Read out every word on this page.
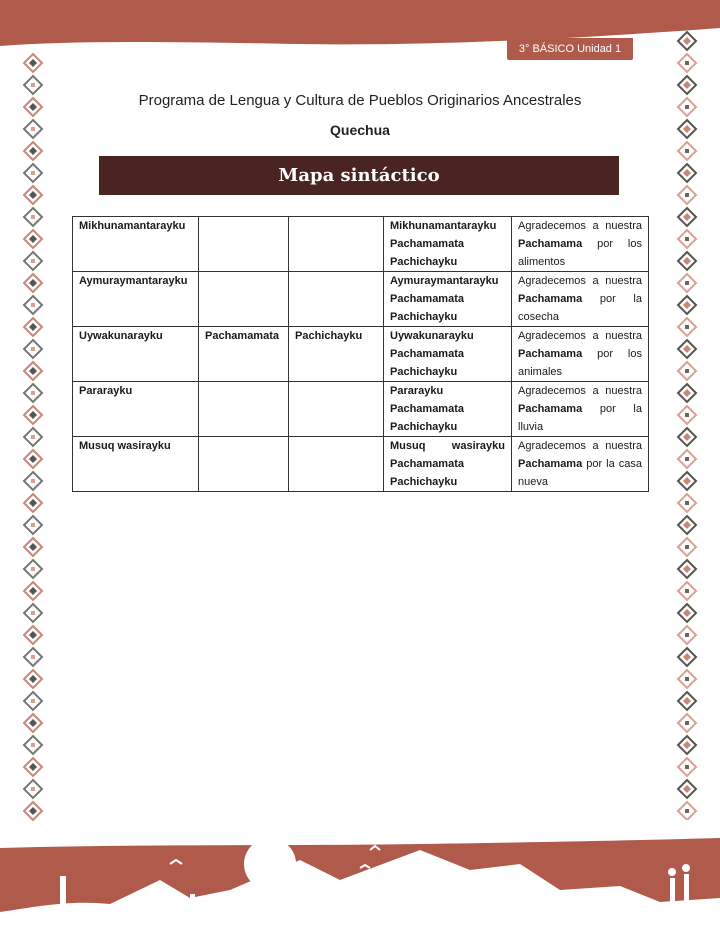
3° BÁSICO Unidad 1
Programa de Lengua y Cultura de Pueblos Originarios Ancestrales
Quechua
Mapa sintáctico
Mikhunamantarayku			Mikhunamantarayku
Pachamamata
Pachichayku	Agradecemos a nuestra
Pachamama por los
alimentos

Aymuraymantarayku			Aymuraymantarayku
Pachamamata
Pachichayku	Agradecemos a nuestra
Pachamama por la
cosecha

Uywakunarayku	Pachamamata	Pachichayku	Uywakunarayku
Pachamamata
Pachichayku	Agradecemos a nuestra
Pachamama por los
animales

Pararayku			Pararayku
Pachamamata
Pachichayku	Agradecemos a nuestra
Pachamama por la
lluvia

Musuq wasirayku			Musuq wasirayku
Pachamamata
Pachichayku	Agradecemos a nuestra
Pachamama por la casa
nueva
